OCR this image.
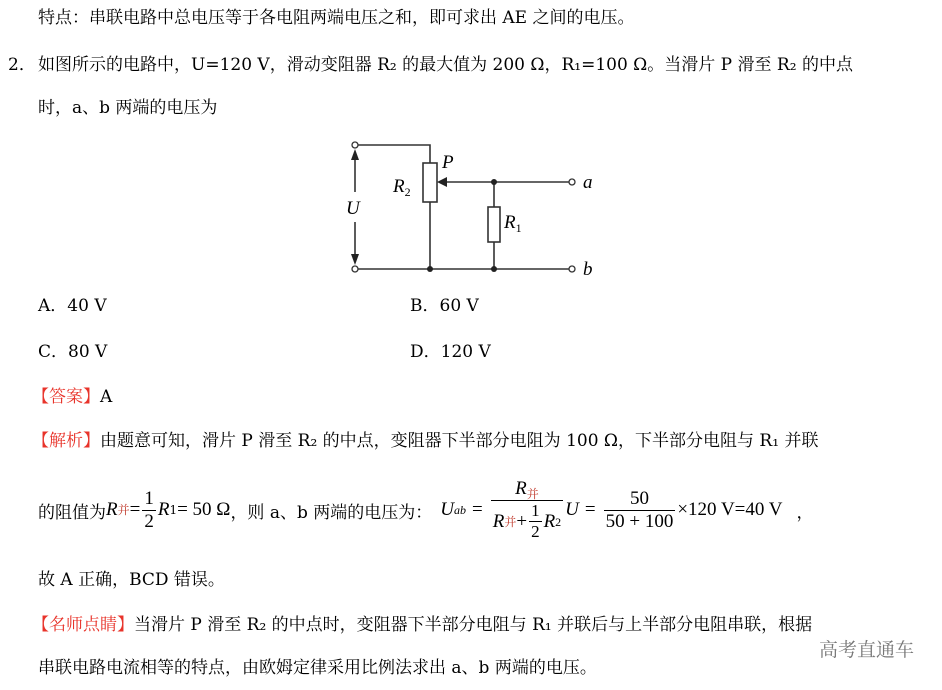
特点：串联电路中总电压等于各电阻两端电压之和，即可求出 AE 之间的电压。
2． 如图所示的电路中，U=120 V，滑动变阻器 R₂ 的最大值为 200 Ω，R₁=100 Ω。当滑片 P 滑至 R₂ 的中点
时，a、b 两端的电压为
U
$R_2$
P
$R_1$
a
b
A．40 V	B．60 V
C．80 V	D．120 V
【答案】A
【解析】由题意可知，滑片 P 滑至 R₂ 的中点，变阻器下半部分电阻为 100 Ω，下半部分电阻与 R₁ 并联
的阻值为 R 并 = $\frac{1}{2}$ R 1 = 50 Ω ，则 a、b 两端的电压为： U ab = $\frac{R_并}{R 并 + \frac{1}{2} R 2}$ $U = \frac{50}{50 + 100} \times 120$ V=40 V ，
故 A 正确，BCD 错误。
【名师点睛】当滑片 P 滑至 R₂ 的中点时，变阻器下半部分电阻与 R₁ 并联后与上半部分电阻串联，根据
串联电路电流相等的特点，由欧姆定律采用比例法求出 a、b 两端的电压。
高考直通车
